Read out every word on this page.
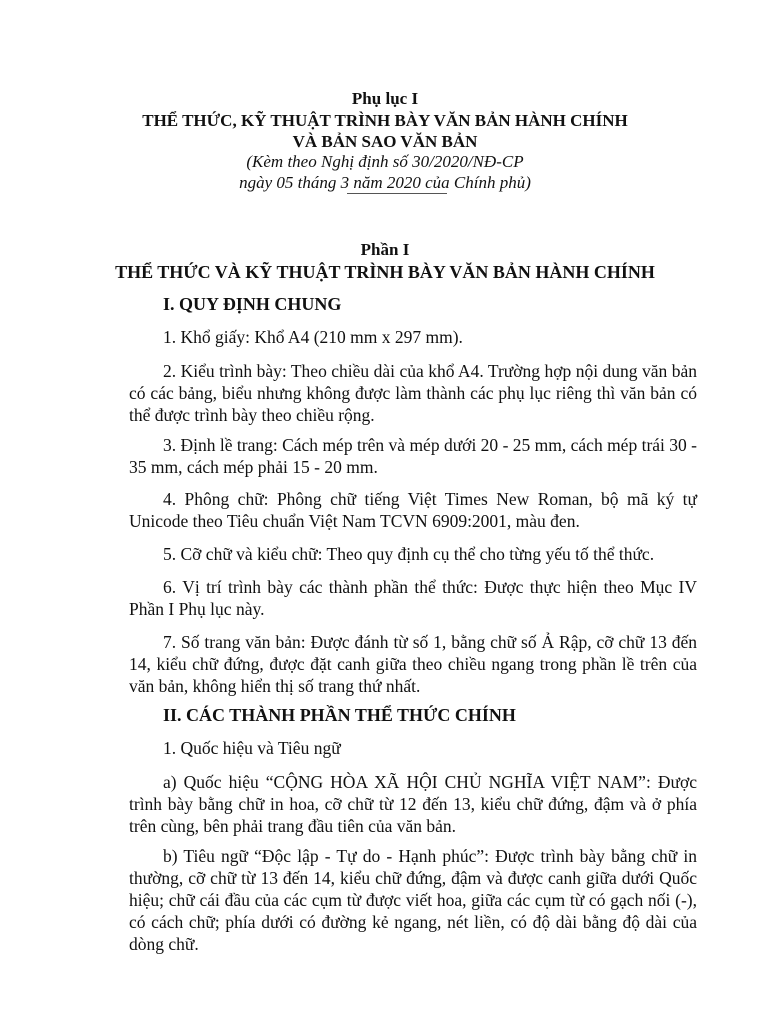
Phụ lục I
THỂ THỨC, KỸ THUẬT TRÌNH BÀY VĂN BẢN HÀNH CHÍNH
VÀ BẢN SAO VĂN BẢN
(Kèm theo Nghị định số 30/2020/NĐ-CP
ngày 05 tháng 3 năm 2020 của Chính phủ)
Phần I
THỂ THỨC VÀ KỸ THUẬT TRÌNH BÀY VĂN BẢN HÀNH CHÍNH
I. QUY ĐỊNH CHUNG

1. Khổ giấy: Khổ A4 (210 mm x 297 mm).

2. Kiểu trình bày: Theo chiều dài của khổ A4. Trường hợp nội dung văn bản có các bảng, biểu nhưng không được làm thành các phụ lục riêng thì văn bản có thể được trình bày theo chiều rộng.

3. Định lề trang: Cách mép trên và mép dưới 20 - 25 mm, cách mép trái 30 - 35 mm, cách mép phải 15 - 20 mm.

4. Phông chữ: Phông chữ tiếng Việt Times New Roman, bộ mã ký tự Unicode theo Tiêu chuẩn Việt Nam TCVN 6909:2001, màu đen.

5. Cỡ chữ và kiểu chữ: Theo quy định cụ thể cho từng yếu tố thể thức.

6. Vị trí trình bày các thành phần thể thức: Được thực hiện theo Mục IV Phần I Phụ lục này.

7. Số trang văn bản: Được đánh từ số 1, bằng chữ số Ả Rập, cỡ chữ 13 đến 14, kiểu chữ đứng, được đặt canh giữa theo chiều ngang trong phần lề trên của văn bản, không hiển thị số trang thứ nhất.

II. CÁC THÀNH PHẦN THỂ THỨC CHÍNH

1. Quốc hiệu và Tiêu ngữ

a) Quốc hiệu “CỘNG HÒA XÃ HỘI CHỦ NGHĨA VIỆT NAM”: Được trình bày bằng chữ in hoa, cỡ chữ từ 12 đến 13, kiểu chữ đứng, đậm và ở phía trên cùng, bên phải trang đầu tiên của văn bản.

b) Tiêu ngữ “Độc lập - Tự do - Hạnh phúc”: Được trình bày bằng chữ in thường, cỡ chữ từ 13 đến 14, kiểu chữ đứng, đậm và được canh giữa dưới Quốc hiệu; chữ cái đầu của các cụm từ được viết hoa, giữa các cụm từ có gạch nối (-), có cách chữ; phía dưới có đường kẻ ngang, nét liền, có độ dài bằng độ dài của dòng chữ.
